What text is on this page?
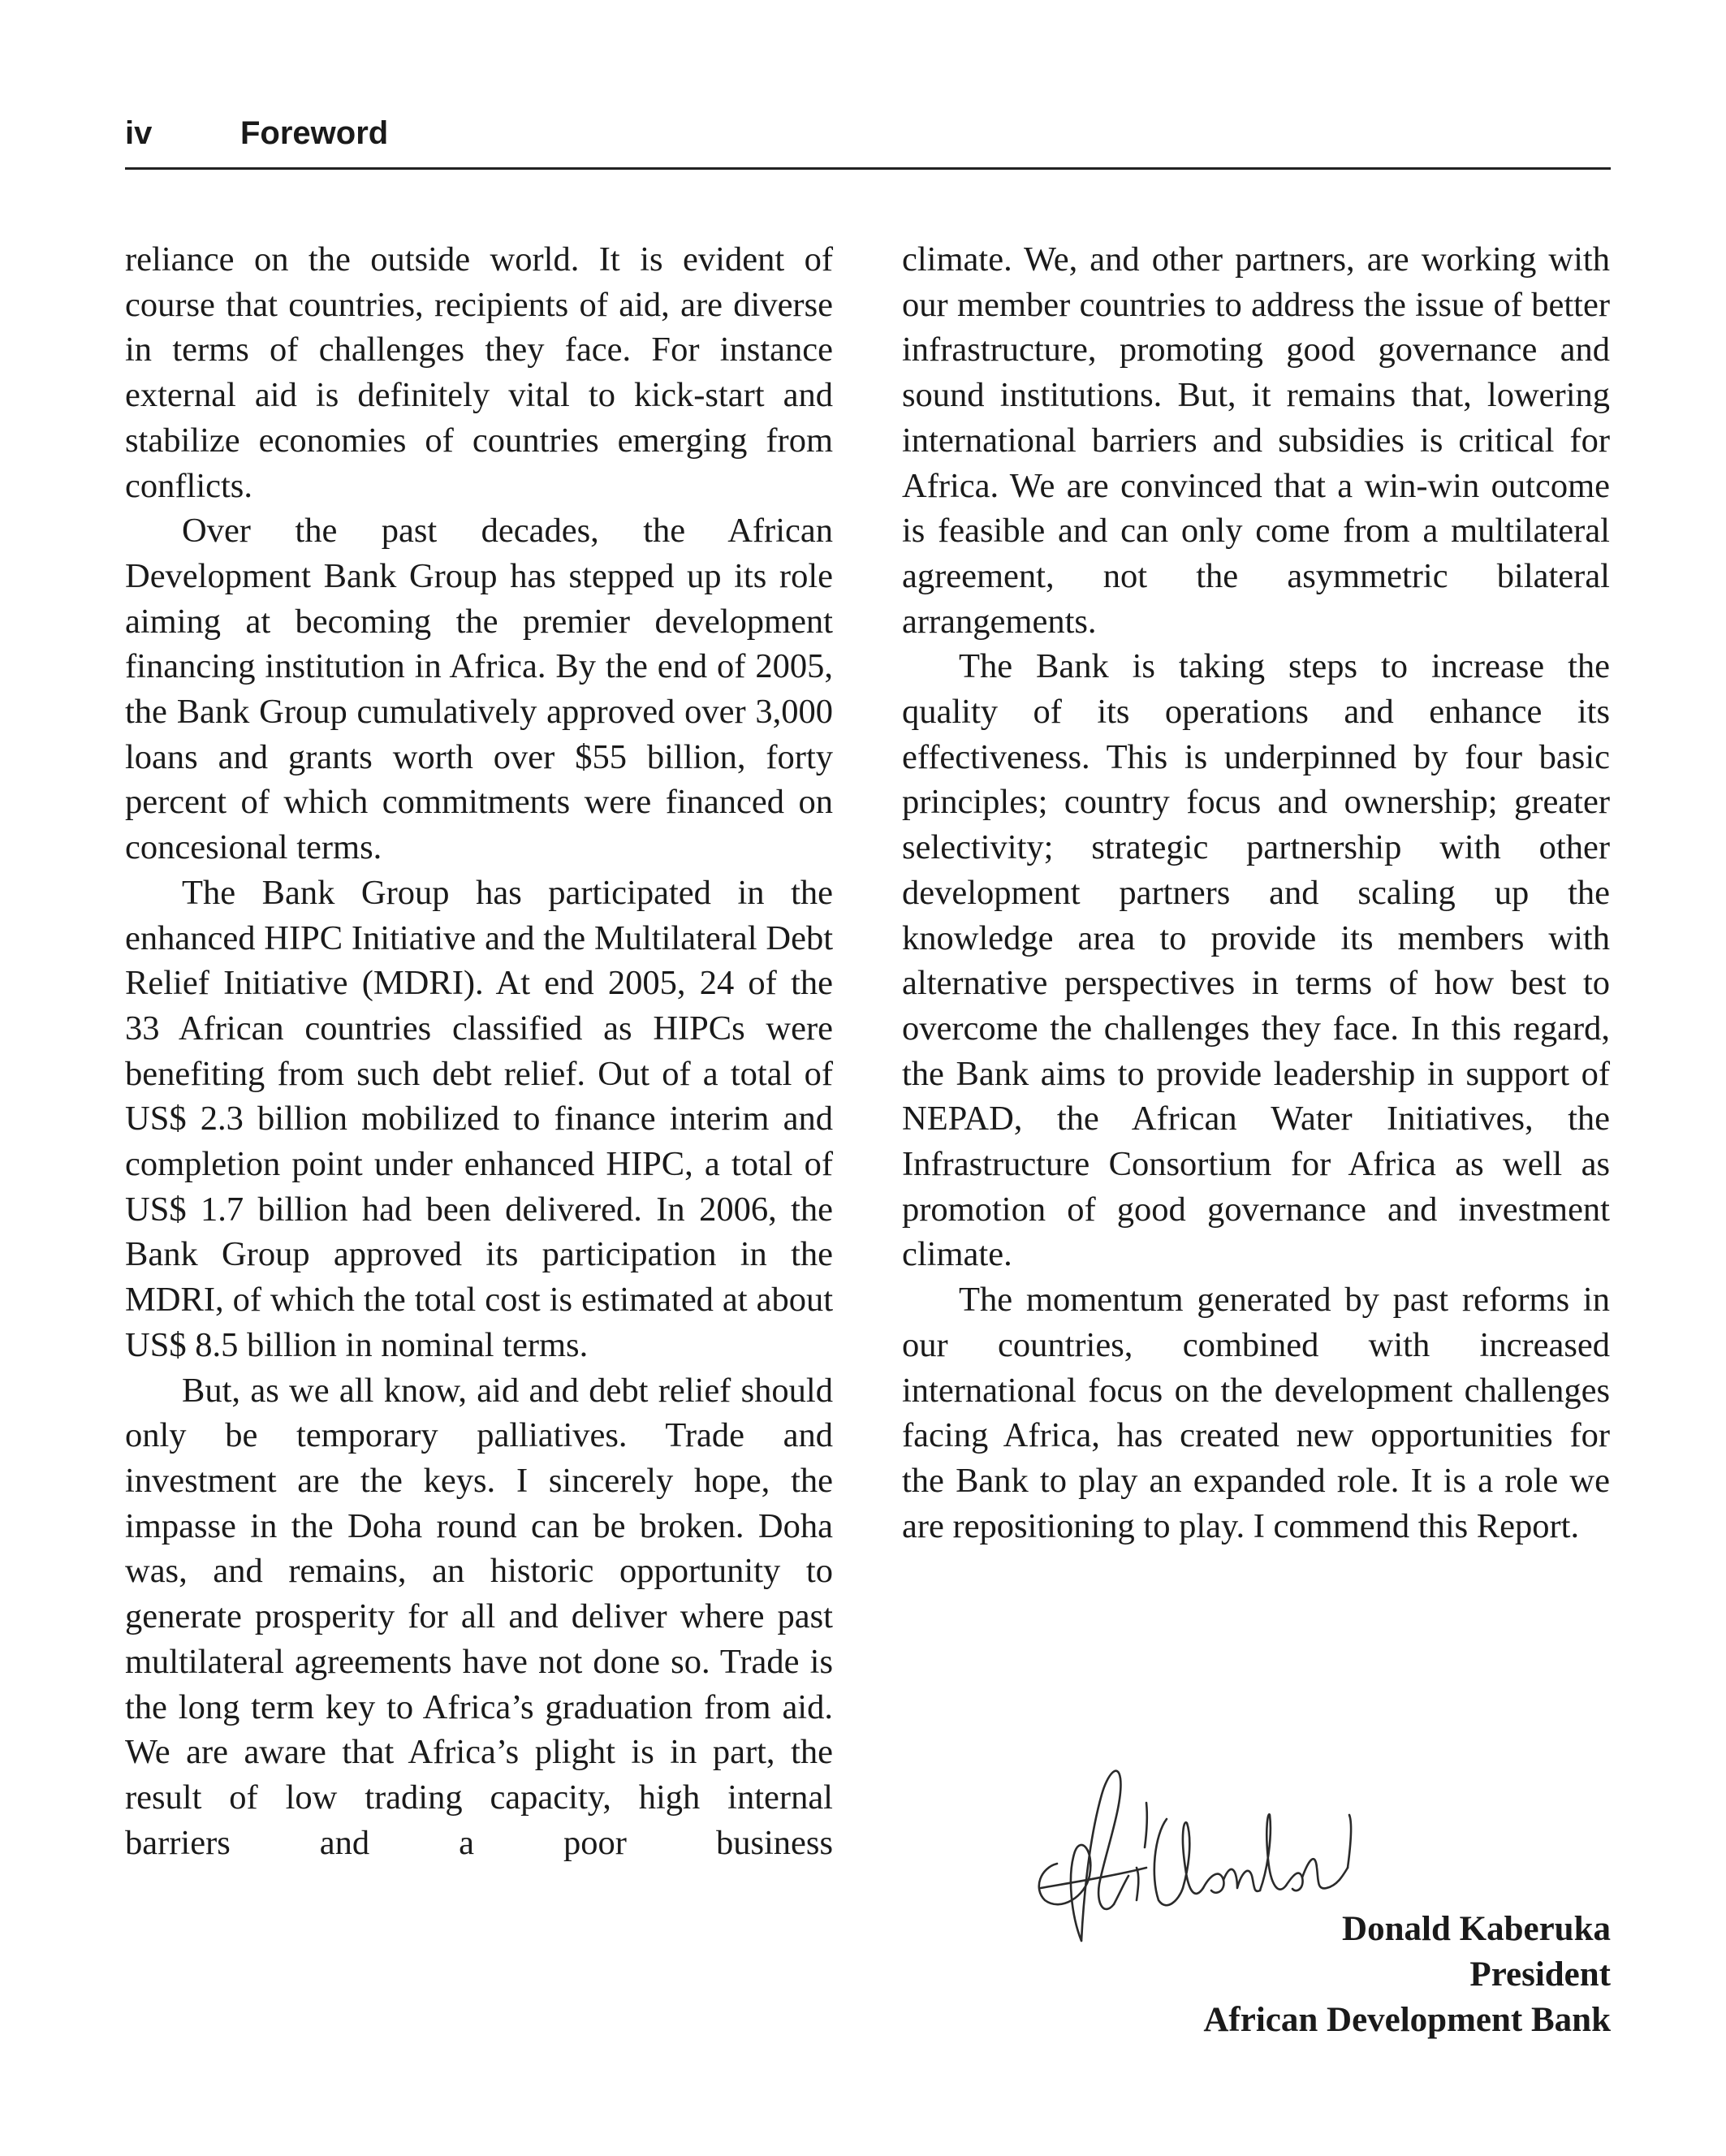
iv	Foreword

reliance on the outside world. It is evident of course that countries, recipients of aid, are diverse in terms of challenges they face. For instance external aid is definitely vital to kick-start and stabilize economies of countries emerging from conflicts.

Over the past decades, the African Development Bank Group has stepped up its role aiming at becoming the premier development financing institution in Africa. By the end of 2005, the Bank Group cumulatively approved over 3,000 loans and grants worth over $55 billion, forty percent of which commitments were financed on concesional terms.

The Bank Group has participated in the enhanced HIPC Initiative and the Multilateral Debt Relief Initiative (MDRI). At end 2005, 24 of the 33 African countries classified as HIPCs were benefiting from such debt relief. Out of a total of US$ 2.3 billion mobilized to finance interim and completion point under enhanced HIPC, a total of US$ 1.7 billion had been delivered. In 2006, the Bank Group approved its participation in the MDRI, of which the total cost is estimated at about US$ 8.5 billion in nominal terms.

But, as we all know, aid and debt relief should only be temporary palliatives. Trade and investment are the keys. I sincerely hope, the impasse in the Doha round can be broken. Doha was, and remains, an historic opportunity to generate prosperity for all and deliver where past multilateral agreements have not done so. Trade is the long term key to Africa’s graduation from aid. We are aware that Africa’s plight is in part, the result of low trading capacity, high internal barriers and a poor business

climate. We, and other partners, are working with our member countries to address the issue of better infrastructure, promoting good governance and sound institutions. But, it remains that, lowering international barriers and subsidies is critical for Africa. We are convinced that a win-win outcome is feasible and can only come from a multilateral agreement, not the asymmetric bilateral arrangements.

The Bank is taking steps to increase the quality of its operations and enhance its effectiveness. This is underpinned by four basic principles; country focus and ownership; greater selectivity; strategic partnership with other development partners and scaling up the knowledge area to provide its members with alternative perspectives in terms of how best to overcome the challenges they face. In this regard, the Bank aims to provide leadership in support of NEPAD, the African Water Initiatives, the Infrastructure Consortium for Africa as well as promotion of good governance and investment climate.

The momentum generated by past reforms in our countries, combined with increased international focus on the development challenges facing Africa, has created new opportunities for the Bank to play an expanded role. It is a role we are repositioning to play. I commend this Report.

Donald Kaberuka
President
African Development Bank
